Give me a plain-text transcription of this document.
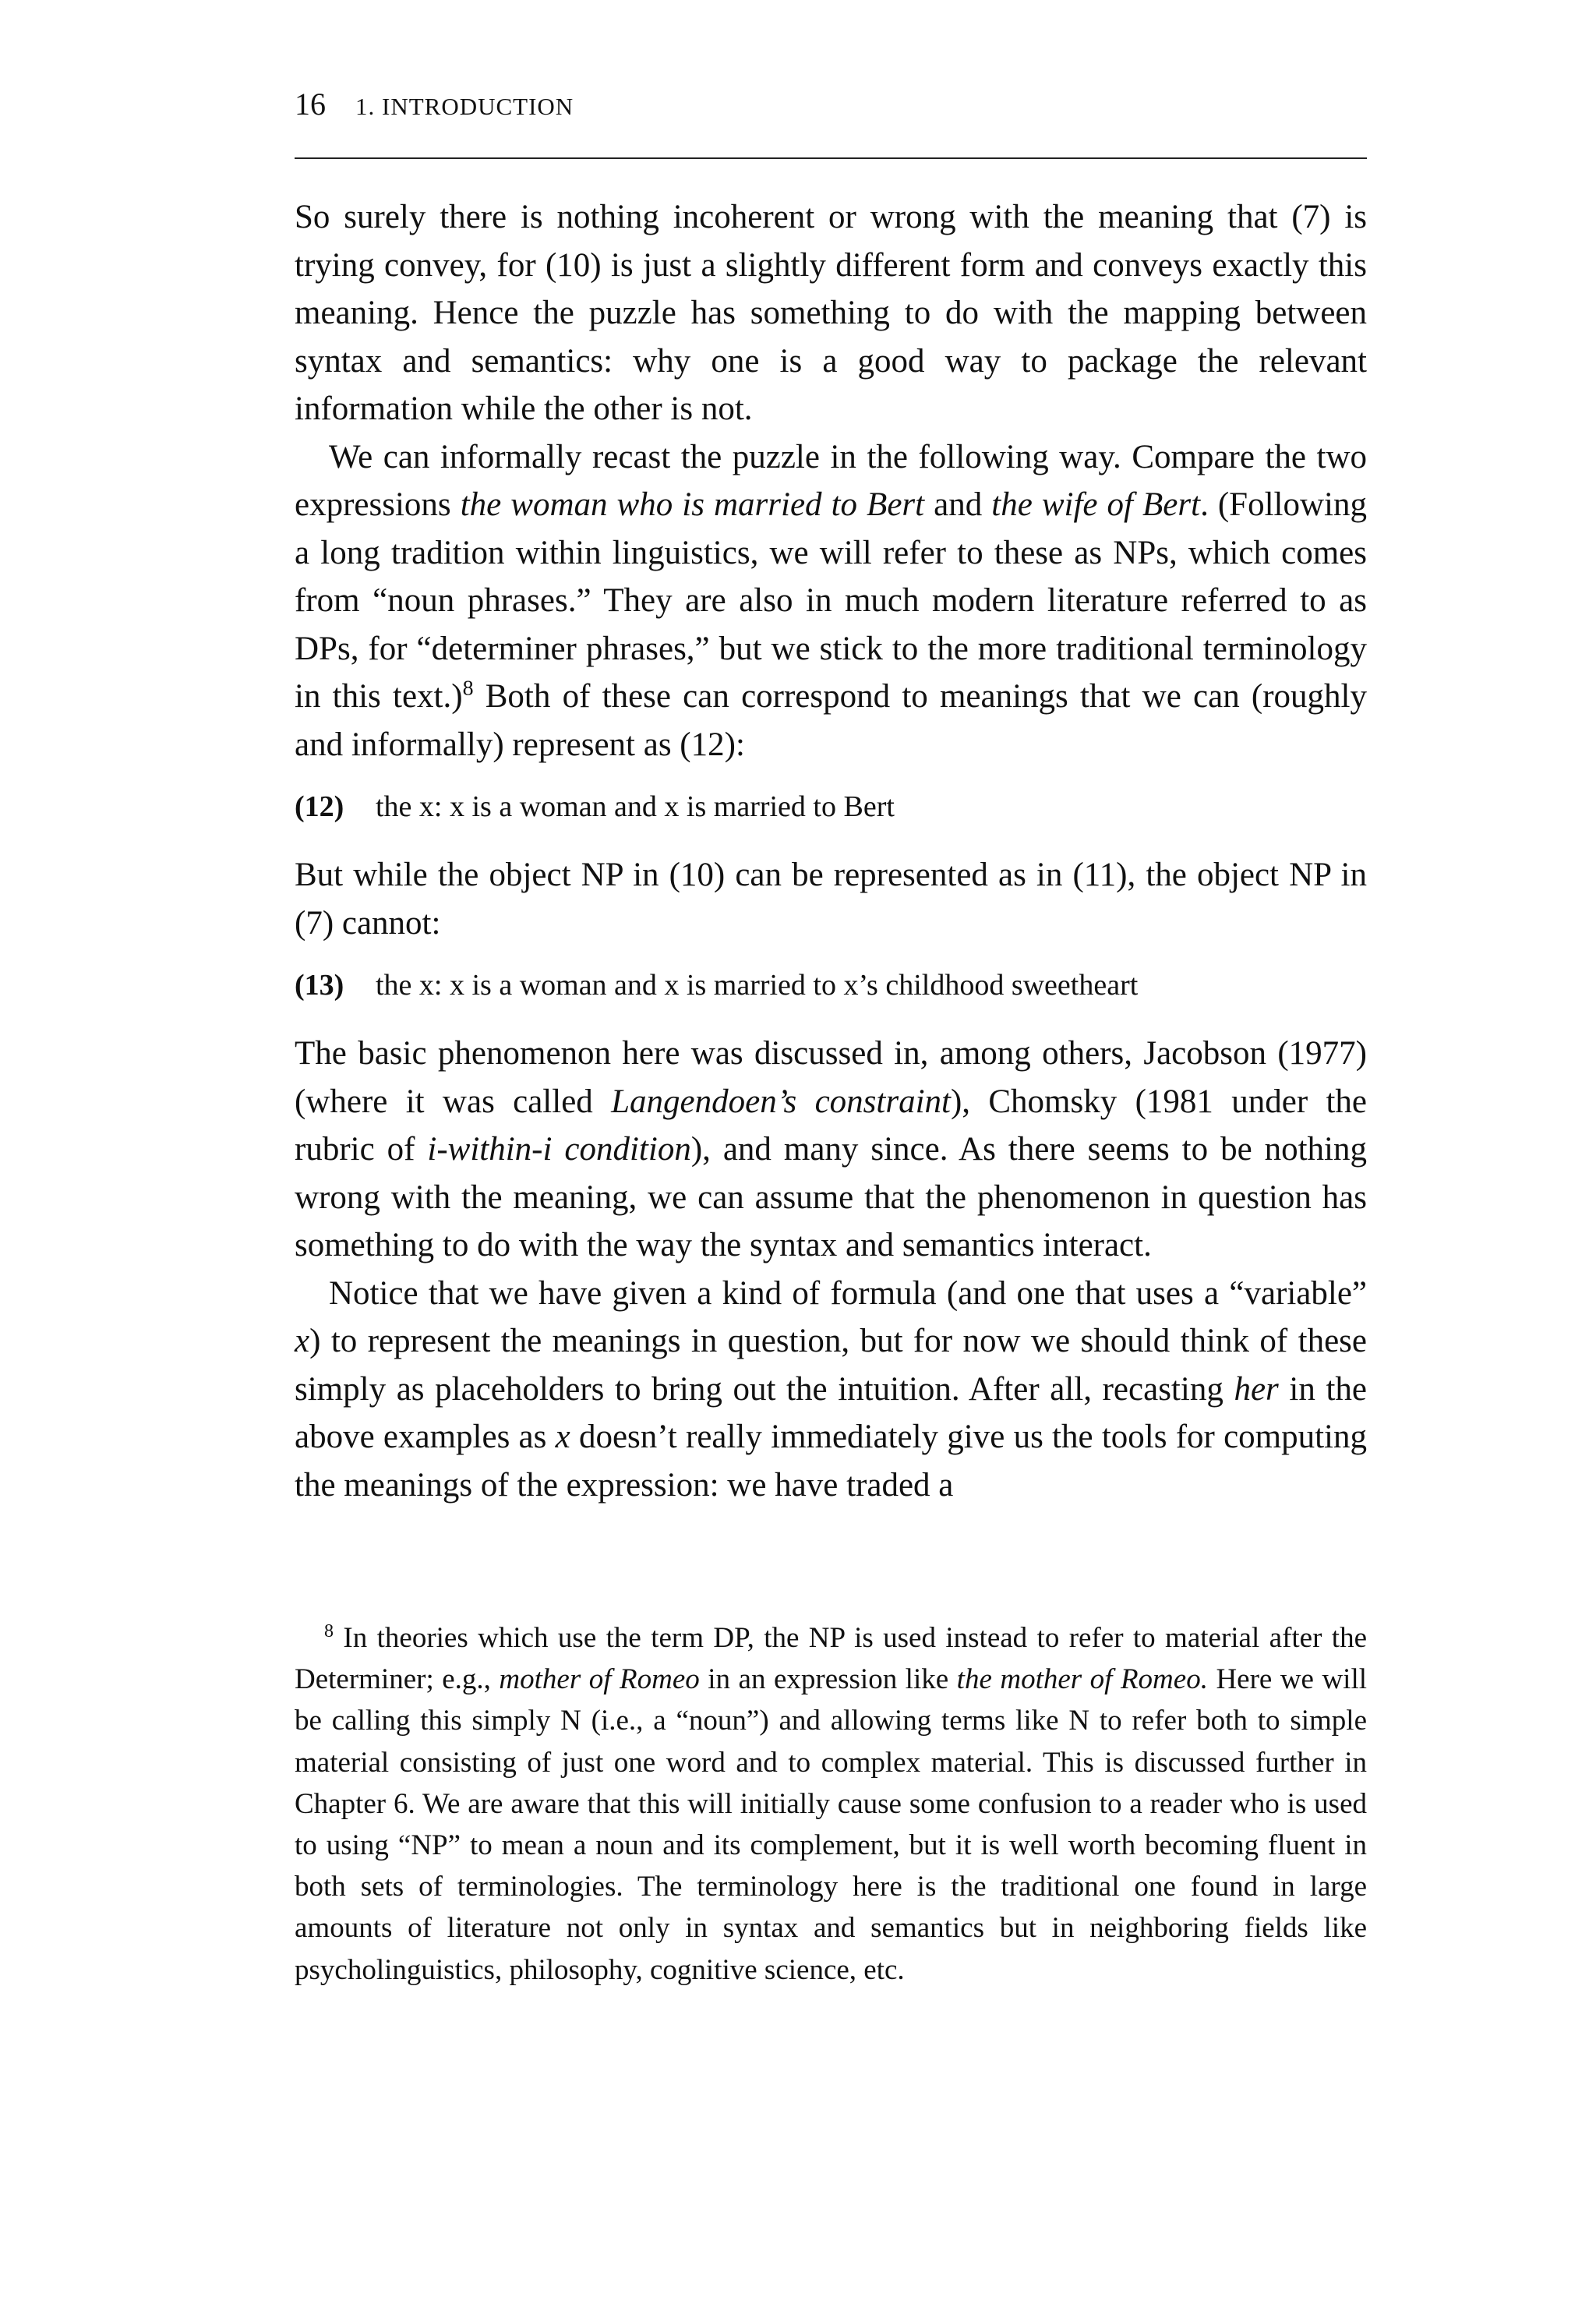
16 1. INTRODUCTION

So surely there is nothing incoherent or wrong with the meaning that (7) is trying convey, for (10) is just a slightly different form and conveys exactly this meaning. Hence the puzzle has something to do with the mapping between syntax and semantics: why one is a good way to package the relevant information while the other is not.

We can informally recast the puzzle in the following way. Compare the two expressions the woman who is married to Bert and the wife of Bert. (Following a long tradition within linguistics, we will refer to these as NPs, which comes from “noun phrases.” They are also in much modern literature referred to as DPs, for “determiner phrases,” but we stick to the more traditional terminology in this text.)$^8$ Both of these can correspond to meanings that we can (roughly and informally) represent as (12):

(12)	the x: x is a woman and x is married to Bert

But while the object NP in (10) can be represented as in (11), the object NP in (7) cannot:

(13)	the x: x is a woman and x is married to x’s childhood sweetheart

The basic phenomenon here was discussed in, among others, Jacobson (1977) (where it was called Langendoen’s constraint), Chomsky (1981 under the rubric of i-within-i condition), and many since. As there seems to be nothing wrong with the meaning, we can assume that the phenomenon in question has something to do with the way the syntax and semantics interact.

Notice that we have given a kind of formula (and one that uses a “variable” x) to represent the meanings in question, but for now we should think of these simply as placeholders to bring out the intuition. After all, recasting her in the above examples as x doesn’t really immediately give us the tools for computing the meanings of the expression: we have traded a

$^8$ In theories which use the term DP, the NP is used instead to refer to material after the Determiner; e.g., mother of Romeo in an expression like the mother of Romeo. Here we will be calling this simply N (i.e., a “noun”) and allowing terms like N to refer both to simple material consisting of just one word and to complex material. This is discussed further in Chapter 6. We are aware that this will initially cause some confusion to a reader who is used to using “NP” to mean a noun and its complement, but it is well worth becoming fluent in both sets of terminologies. The terminology here is the traditional one found in large amounts of literature not only in syntax and semantics but in neighboring fields like psycholinguistics, philosophy, cognitive science, etc.
